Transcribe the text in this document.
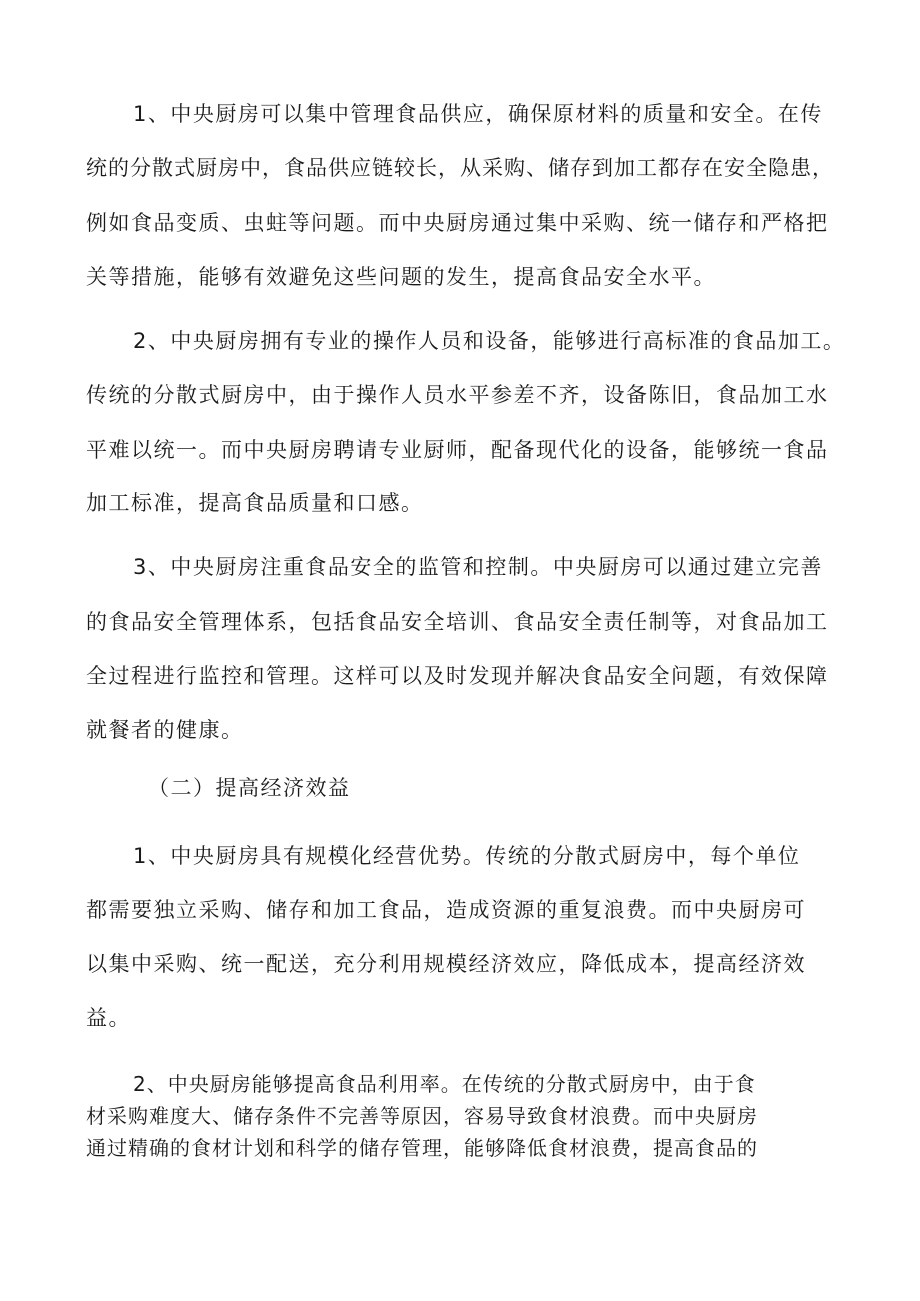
1、中央厨房可以集中管理食品供应，确保原材料的质量和安全。在传
统的分散式厨房中，食品供应链较长，从采购、储存到加工都存在安全隐患，
例如食品变质、虫蛀等问题。而中央厨房通过集中采购、统一储存和严格把
关等措施，能够有效避免这些问题的发生，提高食品安全水平。
2、中央厨房拥有专业的操作人员和设备，能够进行高标准的食品加工。
传统的分散式厨房中，由于操作人员水平参差不齐，设备陈旧，食品加工水
平难以统一。而中央厨房聘请专业厨师，配备现代化的设备，能够统一食品
加工标准，提高食品质量和口感。
3、中央厨房注重食品安全的监管和控制。中央厨房可以通过建立完善
的食品安全管理体系，包括食品安全培训、食品安全责任制等，对食品加工
全过程进行监控和管理。这样可以及时发现并解决食品安全问题，有效保障
就餐者的健康。
（二）提高经济效益
1、中央厨房具有规模化经营优势。传统的分散式厨房中，每个单位
都需要独立采购、储存和加工食品，造成资源的重复浪费。而中央厨房可
以集中采购、统一配送，充分利用规模经济效应，降低成本，提高经济效
益。
2、中央厨房能够提高食品利用率。在传统的分散式厨房中，由于食
材采购难度大、储存条件不完善等原因，容易导致食材浪费。而中央厨房
通过精确的食材计划和科学的储存管理，能够降低食材浪费，提高食品的
